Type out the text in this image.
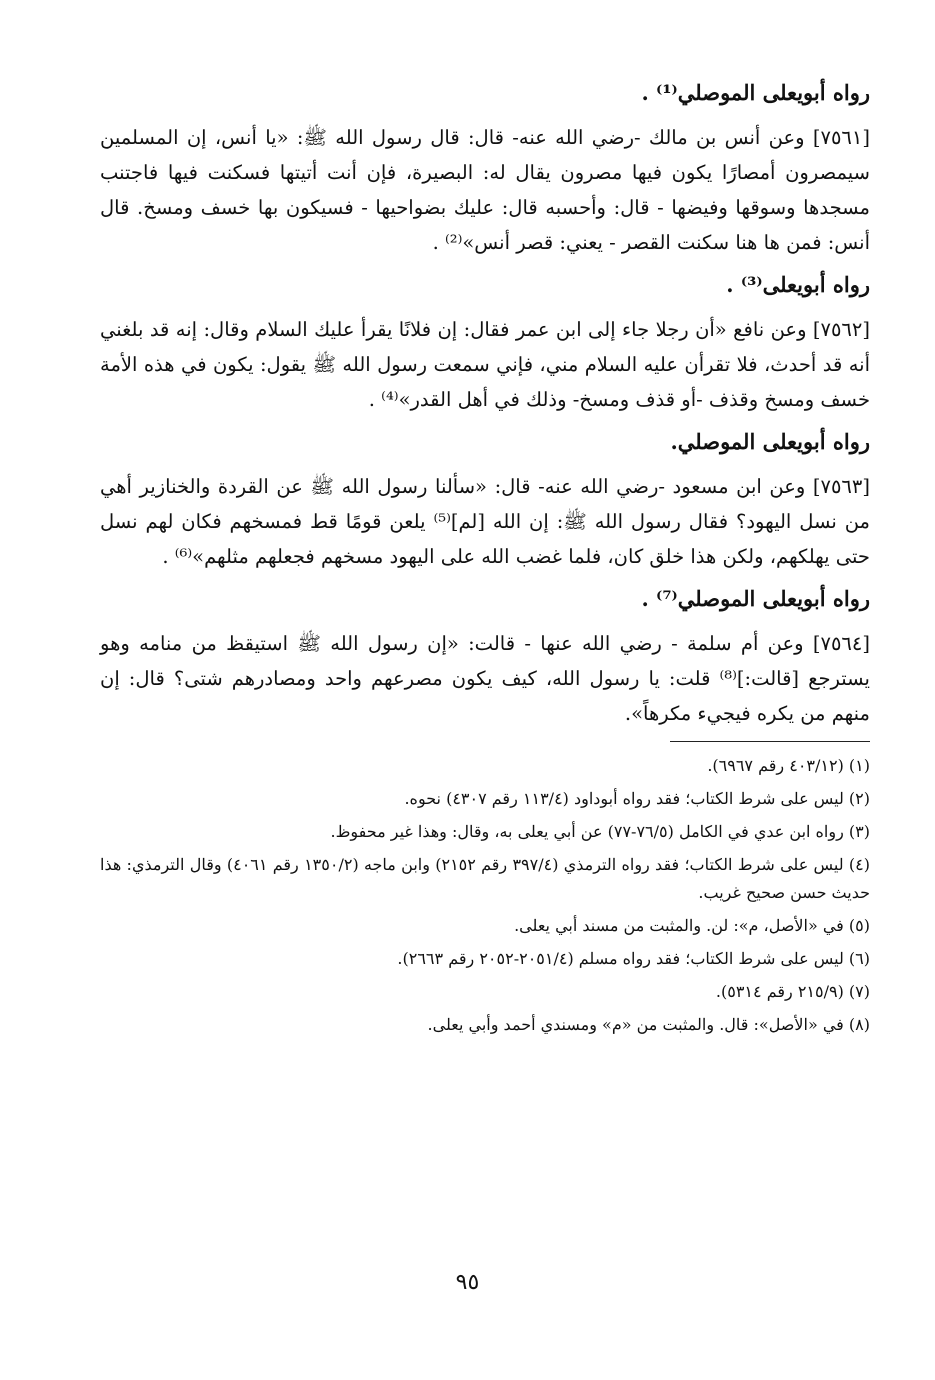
رواه أبويعلى الموصلي⁽¹⁾ .

[٧٥٦١] وعن أنس بن مالك -رضي الله عنه- قال: قال رسول الله ﷺ: «يا أنس، إن المسلمين سيمصرون أمصارًا يكون فيها مصرون يقال له: البصيرة، فإن أنت أتيتها فسكنت فيها فاجتنب مسجدها وسوقها وفيضها - قال: وأحسبه قال: عليك بضواحيها - فسيكون بها خسف ومسخ. قال أنس: فمن ها هنا سكنت القصر - يعني: قصر أنس»⁽²⁾ .

رواه أبويعلى⁽³⁾ .

[٧٥٦٢] وعن نافع «أن رجلا جاء إلى ابن عمر فقال: إن فلانًا يقرأ عليك السلام وقال: إنه قد بلغني أنه قد أحدث، فلا تقرأن عليه السلام مني، فإني سمعت رسول الله ﷺ يقول: يكون في هذه الأمة خسف ومسخ وقذف -أو قذف ومسخ- وذلك في أهل القدر»⁽⁴⁾ .

رواه أبويعلى الموصلي.

[٧٥٦٣] وعن ابن مسعود -رضي الله عنه- قال: «سألنا رسول الله ﷺ عن القردة والخنازير أهي من نسل اليهود؟ فقال رسول الله ﷺ: إن الله [لم]⁽⁵⁾ يلعن قومًا قط فمسخهم فكان لهم نسل حتى يهلكهم، ولكن هذا خلق كان، فلما غضب الله على اليهود مسخهم فجعلهم مثلهم»⁽⁶⁾ .

رواه أبويعلى الموصلي⁽⁷⁾ .

[٧٥٦٤] وعن أم سلمة - رضي الله عنها - قالت: «إن رسول الله ﷺ استيقظ من منامه وهو يسترجع [قالت:]⁽⁸⁾ قلت: يا رسول الله، كيف يكون مصرعهم واحد ومصادرهم شتى؟ قال: إن منهم من يكره فيجيء مكرهاً».

(١) (٤٠٣/١٢ رقم ٦٩٦٧).
(٢) ليس على شرط الكتاب؛ فقد رواه أبوداود (١١٣/٤ رقم ٤٣٠٧) نحوه.
(٣) رواه ابن عدي في الكامل (٧٦/٥-٧٧) عن أبي يعلى به، وقال: وهذا غير محفوظ.
(٤) ليس على شرط الكتاب؛ فقد رواه الترمذي (٣٩٧/٤ رقم ٢١٥٢) وابن ماجه (١٣٥٠/٢ رقم ٤٠٦١) وقال الترمذي: هذا حديث حسن صحيح غريب.
(٥) في «الأصل، م»: لن. والمثبت من مسند أبي يعلى.
(٦) ليس على شرط الكتاب؛ فقد رواه مسلم (٢٠٥١/٤-٢٠٥٢ رقم ٢٦٦٣).
(٧) (٢١٥/٩ رقم ٥٣١٤).
(٨) في «الأصل»: قال. والمثبت من «م» ومسندي أحمد وأبي يعلى.
٩٥
